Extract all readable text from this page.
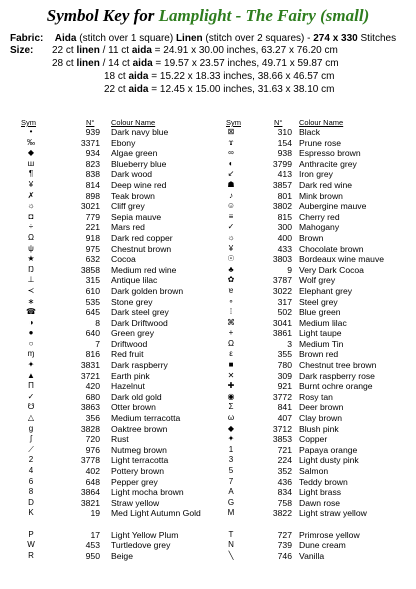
Symbol Key for Lamplight - The Fairy (small)
Fabric: Aida (stitch over 1 square) Linen (stitch over 2 squares) - 274 x 330 Stitches
Size:	22 ct linen / 11 ct aida = 24.91 x 30.00 inches, 63.27 x 76.20 cm
28 ct linen / 14 ct aida = 19.57 x 23.57 inches, 49.71 x 59.87 cm
18 ct aida = 15.22 x 18.33 inches, 38.66 x 46.57 cm
22 ct aida = 12.45 x 15.00 inches, 31.63 x 38.10 cm
Sym	N° Colour Name	Sym	N° Colour Name
•	939 Dark navy blue
‰	3371 Ebony
◆	934 Algae green
ш	823 Blueberry blue
¶	838 Dark wood
¥	814 Deep wine red
✗	898 Teak brown
☼	3021 Cliff grey
◘	779 Sepia mauve
÷	221 Mars red
Ω	918 Dark red copper
ψ	975 Chestnut brown
★	632 Cocoa
Ŋ	3858 Medium red wine
⊥	315 Antique lilac
≺	610 Dark golden brown
∗	535 Stone grey
☎	645 Dark steel grey
◑	8 Dark Driftwood
●	640 Green grey
○	7 Driftwood
ɱ	816 Red fruit
✦	3831 Dark raspberry
▲	3721 Earth pink
Π	420 Hazelnut
✓	680 Dark old gold
☋	3863 Otter brown
△	356 Medium terracotta
g	3828 Oaktree brown
ʃ	720 Rust
⟋	976 Nutmeg brown
2	3778 Light terracotta
4	402 Pottery brown
6	648 Pepper grey
8	3864 Light mocha brown
D	3821 Straw yellow
K	19 Med Light Autumn Gold
P	17 Light Yellow Plum
W	453 Turtledove grey
R	950 Beige
⊠	310 Black
ϫ	154 Prune rose
∞	938 Espresso brown
◐	3799 Anthracite grey
↙	413 Iron grey
☗	3857 Dark red wine
♪	801 Mink brown
☺	3802 Aubergine mauve
≡	815 Cherry red
✓	300 Mahogany
☼	400 Brown
¥	433 Chocolate brown
☉	3803 Bordeaux wine mauve
♣	9 Very Dark Cocoa
✿	3787 Wolf grey
ɐ	3022 Elephant grey
∘	317 Steel grey
⁞	502 Blue green
⌘	3041 Medium lilac
+	3861 Light taupe
Ω	3 Medium Tin
ε	355 Brown red
■	780 Chestnut tree brown
✕	309 Dark raspberry rose
✚	921 Burnt ochre orange
◉	3772 Rosy tan
Σ	841 Deer brown
ω	407 Clay brown
◆	3712 Blush pink
✦	3853 Copper
1	721 Papaya orange
3	224 Light dusty pink
5	352 Salmon
7	436 Teddy brown
A	834 Light brass
G	758 Dawn rose
M	3822 Light straw yellow
T	727 Primrose yellow
N	739 Dune cream
╲	746 Vanilla
